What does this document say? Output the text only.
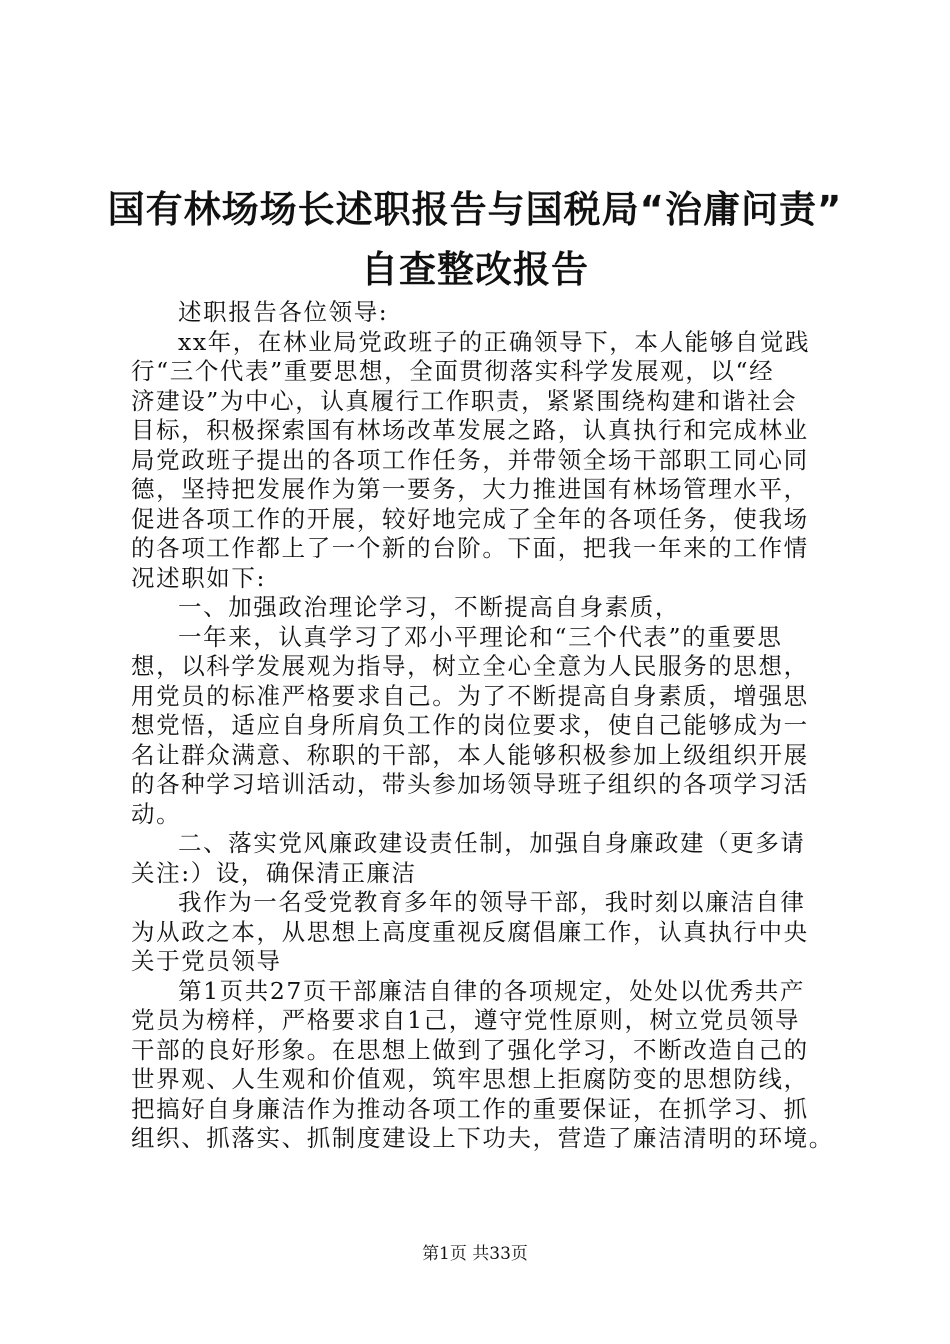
国有林场场长述职报告与国税局“治庸问责”
自查整改报告
述职报告各位领导:
xx年，在林业局党政班子的正确领导下，本人能够自觉践
行“三个代表”重要思想，全面贯彻落实科学发展观，以“经
济建设”为中心，认真履行工作职责，紧紧围绕构建和谐社会
目标，积极探索国有林场改革发展之路，认真执行和完成林业
局党政班子提出的各项工作任务，并带领全场干部职工同心同
德，坚持把发展作为第一要务，大力推进国有林场管理水平，
促进各项工作的开展，较好地完成了全年的各项任务，使我场
的各项工作都上了一个新的台阶。下面，把我一年来的工作情
况述职如下:
一、加强政治理论学习，不断提高自身素质，
一年来，认真学习了邓小平理论和“三个代表”的重要思
想，以科学发展观为指导，树立全心全意为人民服务的思想，
用党员的标准严格要求自己。为了不断提高自身素质，增强思
想党悟，适应自身所肩负工作的岗位要求，使自己能够成为一
名让群众满意、称职的干部，本人能够积极参加上级组织开展
的各种学习培训活动，带头参加场领导班子组织的各项学习活
动。
二、落实党风廉政建设责任制，加强自身廉政建（更多请
关注:）设，确保清正廉洁
我作为一名受党教育多年的领导干部，我时刻以廉洁自律
为从政之本，从思想上高度重视反腐倡廉工作，认真执行中央
关于党员领导
第1页共27页干部廉洁自律的各项规定，处处以优秀共产
党员为榜样，严格要求自1己，遵守党性原则，树立党员领导
干部的良好形象。在思想上做到了强化学习，不断改造自己的
世界观、人生观和价值观，筑牢思想上拒腐防变的思想防线，
把搞好自身廉洁作为推动各项工作的重要保证，在抓学习、抓
组织、抓落实、抓制度建设上下功夫，营造了廉洁清明的环境。
第1页 共33页
